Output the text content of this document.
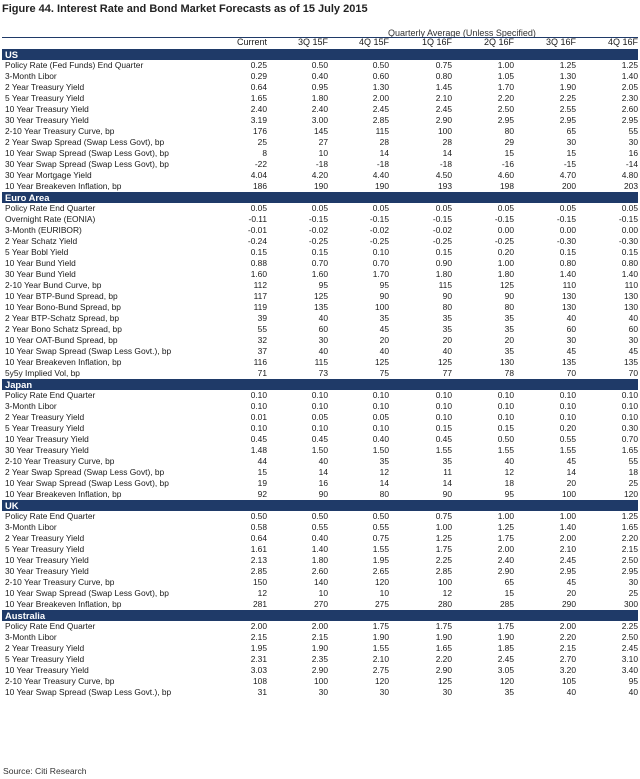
Figure 44. Interest Rate and Bond Market Forecasts as of 15 July 2015
Quarterly Average (Unless Specified)
Current	3Q 15F	4Q 15F	1Q 16F	2Q 16F	3Q 16F	4Q 16F
US
Policy Rate (Fed Funds) End Quarter	0.25	0.50	0.50	0.75	1.00	1.25	1.25
3-Month Libor	0.29	0.40	0.60	0.80	1.05	1.30	1.40
2 Year Treasury Yield	0.64	0.95	1.30	1.45	1.70	1.90	2.05
5 Year Treasury Yield	1.65	1.80	2.00	2.10	2.20	2.25	2.30
10 Year Treasury Yield	2.40	2.40	2.45	2.45	2.50	2.55	2.60
30 Year Treasury Yield	3.19	3.00	2.85	2.90	2.95	2.95	2.95
2-10 Year Treasury Curve, bp	176	145	115	100	80	65	55
2 Year Swap Spread (Swap Less Govt), bp	25	27	28	28	29	30	30
10 Year Swap Spread (Swap Less Govt), bp	8	10	14	14	15	15	16
30 Year Swap Spread (Swap Less Govt), bp	-22	-18	-18	-18	-16	-15	-14
30 Year Mortgage Yield	4.04	4.20	4.40	4.50	4.60	4.70	4.80
10 Year Breakeven Inflation, bp	186	190	190	193	198	200	203
Euro Area
Policy Rate End Quarter	0.05	0.05	0.05	0.05	0.05	0.05	0.05
Overnight Rate (EONIA)	-0.11	-0.15	-0.15	-0.15	-0.15	-0.15	-0.15
3-Month (EURIBOR)	-0.01	-0.02	-0.02	-0.02	0.00	0.00	0.00
2 Year Schatz Yield	-0.24	-0.25	-0.25	-0.25	-0.25	-0.30	-0.30
5 Year Bobl Yield	0.15	0.15	0.10	0.15	0.20	0.15	0.15
10 Year Bund Yield	0.88	0.70	0.70	0.90	1.00	0.80	0.80
30 Year Bund Yield	1.60	1.60	1.70	1.80	1.80	1.40	1.40
2-10 Year Bund Curve, bp	112	95	95	115	125	110	110
10 Year BTP-Bund Spread, bp	117	125	90	90	90	130	130
10 Year Bono-Bund Spread, bp	119	135	100	80	80	130	130
2 Year BTP-Schatz Spread, bp	39	40	35	35	35	40	40
2 Year Bono Schatz Spread, bp	55	60	45	35	35	60	60
10 Year OAT-Bund Spread, bp	32	30	20	20	20	30	30
10 Year Swap Spread (Swap Less Govt.), bp	37	40	40	40	35	45	45
10 Year Breakeven Inflation, bp	116	115	125	125	130	135	135
5y5y Implied Vol, bp	71	73	75	77	78	70	70
Japan
Policy Rate End Quarter	0.10	0.10	0.10	0.10	0.10	0.10	0.10
3-Month Libor	0.10	0.10	0.10	0.10	0.10	0.10	0.10
2 Year Treasury Yield	0.01	0.05	0.05	0.10	0.10	0.10	0.10
5 Year Treasury Yield	0.10	0.10	0.10	0.15	0.15	0.20	0.30
10 Year Treasury Yield	0.45	0.45	0.40	0.45	0.50	0.55	0.70
30 Year Treasury Yield	1.48	1.50	1.50	1.55	1.55	1.55	1.65
2-10 Year Treasury Curve, bp	44	40	35	35	40	45	55
2 Year Swap Spread (Swap Less Govt), bp	15	14	12	11	12	14	18
10 Year Swap Spread (Swap Less Govt), bp	19	16	14	14	18	20	25
10 Year Breakeven Inflation, bp	92	90	80	90	95	100	120
UK
Policy Rate End Quarter	0.50	0.50	0.50	0.75	1.00	1.00	1.25
3-Month Libor	0.58	0.55	0.55	1.00	1.25	1.40	1.65
2 Year Treasury Yield	0.64	0.40	0.75	1.25	1.75	2.00	2.20
5 Year Treasury Yield	1.61	1.40	1.55	1.75	2.00	2.10	2.15
10 Year Treasury Yield	2.13	1.80	1.95	2.25	2.40	2.45	2.50
30 Year Treasury Yield	2.85	2.60	2.65	2.85	2.90	2.95	2.95
2-10 Year Treasury Curve, bp	150	140	120	100	65	45	30
10 Year Swap Spread (Swap Less Govt), bp	12	10	10	12	15	20	25
10 Year Breakeven Inflation, bp	281	270	275	280	285	290	300
Australia
Policy Rate End Quarter	2.00	2.00	1.75	1.75	1.75	2.00	2.25
3-Month Libor	2.15	2.15	1.90	1.90	1.90	2.20	2.50
2 Year Treasury Yield	1.95	1.90	1.55	1.65	1.85	2.15	2.45
5 Year Treasury Yield	2.31	2.35	2.10	2.20	2.45	2.70	3.10
10 Year Treasury Yield	3.03	2.90	2.75	2.90	3.05	3.20	3.40
2-10 Year Treasury Curve, bp	108	100	120	125	120	105	95
10 Year Swap Spread (Swap Less Govt.), bp	31	30	30	30	35	40	40
Source: Citi Research
